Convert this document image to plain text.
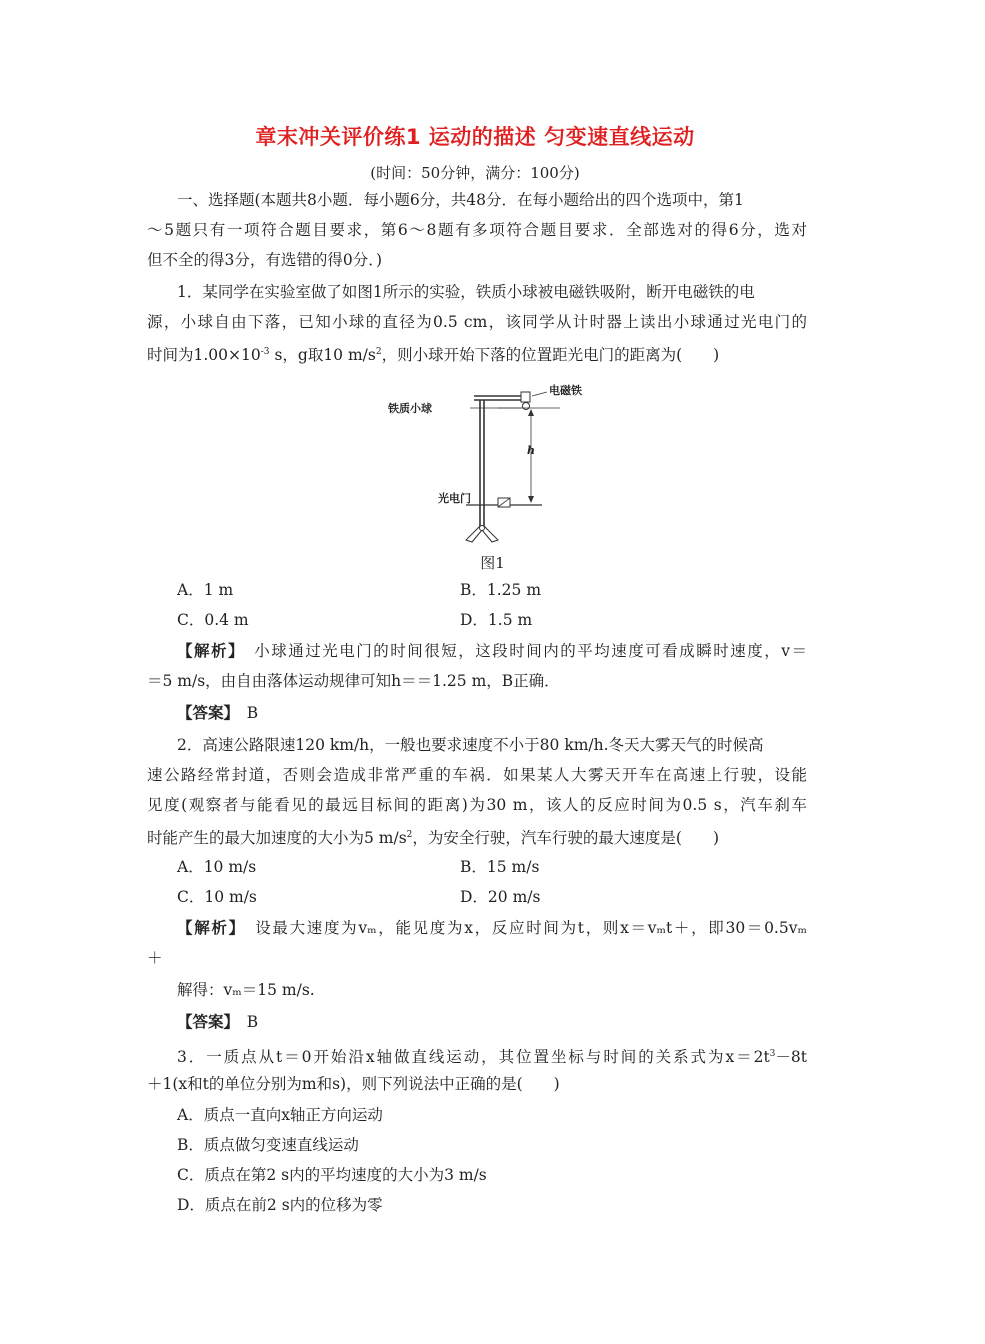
章末冲关评价练1 运动的描述 匀变速直线运动
(时间：50分钟，满分：100分)
一、选择题(本题共8小题．每小题6分，共48分．在每小题给出的四个选项中，第1
～5题只有一项符合题目要求，第6～8题有多项符合题目要求．全部选对的得6分，选对
但不全的得3分，有选错的得0分．)
1．某同学在实验室做了如图1所示的实验，铁质小球被电磁铁吸附，断开电磁铁的电
源，小球自由下落，已知小球的直径为0.5 cm，该同学从计时器上读出小球通过光电门的
时间为$1.00\times 10^{-3}$ s，g取10 $m/s^2$，则小球开始下落的位置距光电门的距离为(　　)
电磁铁
铁质小球
h
光电门
图1
A．1 m	B．1.25 m
C．0.4 m	D．1.5 m
【解析】　 小球通过光电门的时间很短，这段时间内的平均速度可看成瞬时速度，v＝
＝5 m/s，由自由落体运动规律可知h＝＝1.25 m，B正确．
【答案】　 B
2．高速公路限速120 km/h，一般也要求速度不小于80 km/h.冬天大雾天气的时候高
速公路经常封道，否则会造成非常严重的车祸．如果某人大雾天开车在高速上行驶，设能
见度(观察者与能看见的最远目标间的距离)为30 m，该人的反应时间为0.5 s，汽车刹车
时能产生的最大加速度的大小为5 $m/s^2$，为安全行驶，汽车行驶的最大速度是(　　)
A．10 m/s	B．15 m/s
C．10 m/s	D．20 m/s
【解析】　 设最大速度为vₘ，能见度为x，反应时间为t，则x＝vₘt＋，即30＝0.5vₘ
＋
解得：vₘ＝15 m/s.
【答案】　 B
3．一质点从t＝0开始沿x轴做直线运动，其位置坐标与时间的关系式为$x=2t^3-8t$
＋1(x和t的单位分别为m和s)，则下列说法中正确的是(　　)
A．质点一直向x轴正方向运动
B．质点做匀变速直线运动
C．质点在第2 s内的平均速度的大小为3 m/s
D．质点在前2 s内的位移为零
